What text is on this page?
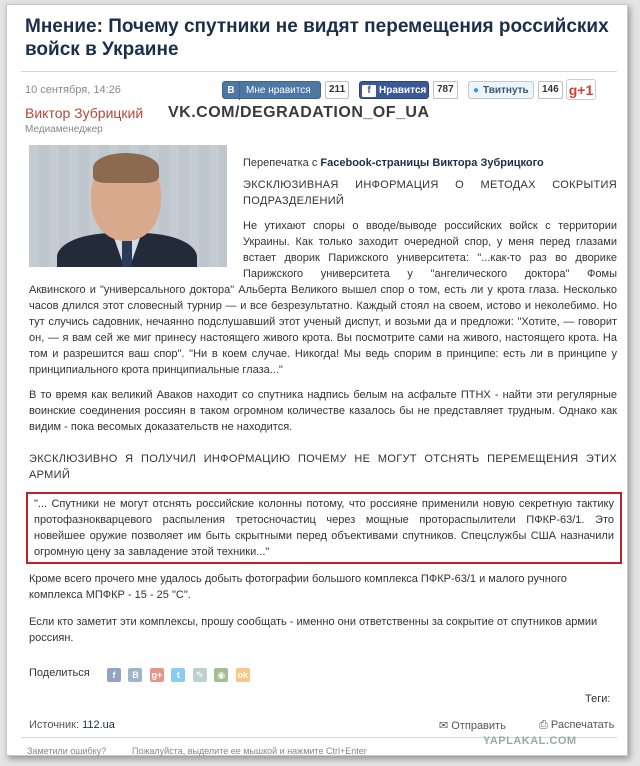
Мнение: Почему спутники не видят перемещения российских войск в Украине
10 сентября, 14:26	В Мне нравится	211	f Нравится	787	● Твитнуть	146 g+1
Виктор Зубрицкий
Медиаменеджер
VK.COM/DEGRADATION_OF_UA
Перепечатка с Facebook-страницы Виктора Зубрицкого
ЭКСКЛЮЗИВНАЯ ИНФОРМАЦИЯ О МЕТОДАХ СОКРЫТИЯ
ПОДРАЗДЕЛЕНИЙ
Не утихают споры о вводе/выводе российских войск с территории
Украины. Как только заходит очередной спор, у меня перед глазами
встает дворик Парижского университета: "...как-то раз во дворике
Парижского университета у "ангелического доктора" Фомы
Аквинского и "универсального доктора" Альберта Великого вышел спор о том, есть ли у крота глаза. Несколько часов длился этот словесный турнир — и все безрезультатно. Каждый стоял на своем, истово и неколебимо. Но тут случись садовник, нечаянно подслушавший этот ученый диспут, и возьми да и предложи: "Хотите, — говорит он, — я вам сей же миг принесу настоящего живого крота. Вы посмотрите сами на живого, настоящего крота. На том и разрешится ваш спор". "Ни в коем случае. Никогда! Мы ведь спорим в принципе: есть ли в принципе у принципиального крота принципиальные глаза..."
В то время как великий Аваков находит со спутника надпись белым на асфальте ПТНХ - найти эти регулярные воинские соединения россиян в таком огромном количестве казалось бы не представляет трудным. Однако как видим - пока весомых доказательств не находится.
ЭКСКЛЮЗИВНО Я ПОЛУЧИЛ ИНФОРМАЦИЮ ПОЧЕМУ НЕ МОГУТ ОТСНЯТЬ ПЕРЕМЕЩЕНИЯ ЭТИХ АРМИЙ
"... Спутники не могут отснять российские колонны потому, что россияне применили новую секретную тактику протофазнокварцевого распыления третосночастиц через мощные протораспылители ПФКР-63/1. Это новейшее оружие позволяет им быть скрытными перед объективами спутников. Спецслужбы США назначили огромную цену за завладение этой техники..."
Кроме всего прочего мне удалось добыть фотографии большого комплекса ПФКР-63/1 и малого ручного комплекса МПФКР - 15 - 25 "С".
Если кто заметит эти комплексы, прошу сообщать - именно они ответственны за сокрытие от спутников армии россиян.
Поделиться	f В g+ t ✎ ◉ ok
Теги:
Источник: 112.ua	✉ Отправить	⎙ Распечатать
Заметили ошибку?	Пожалуйста, выделите ее мышкой и нажмите Ctrl+Enter
YAPLAKAL.COM
